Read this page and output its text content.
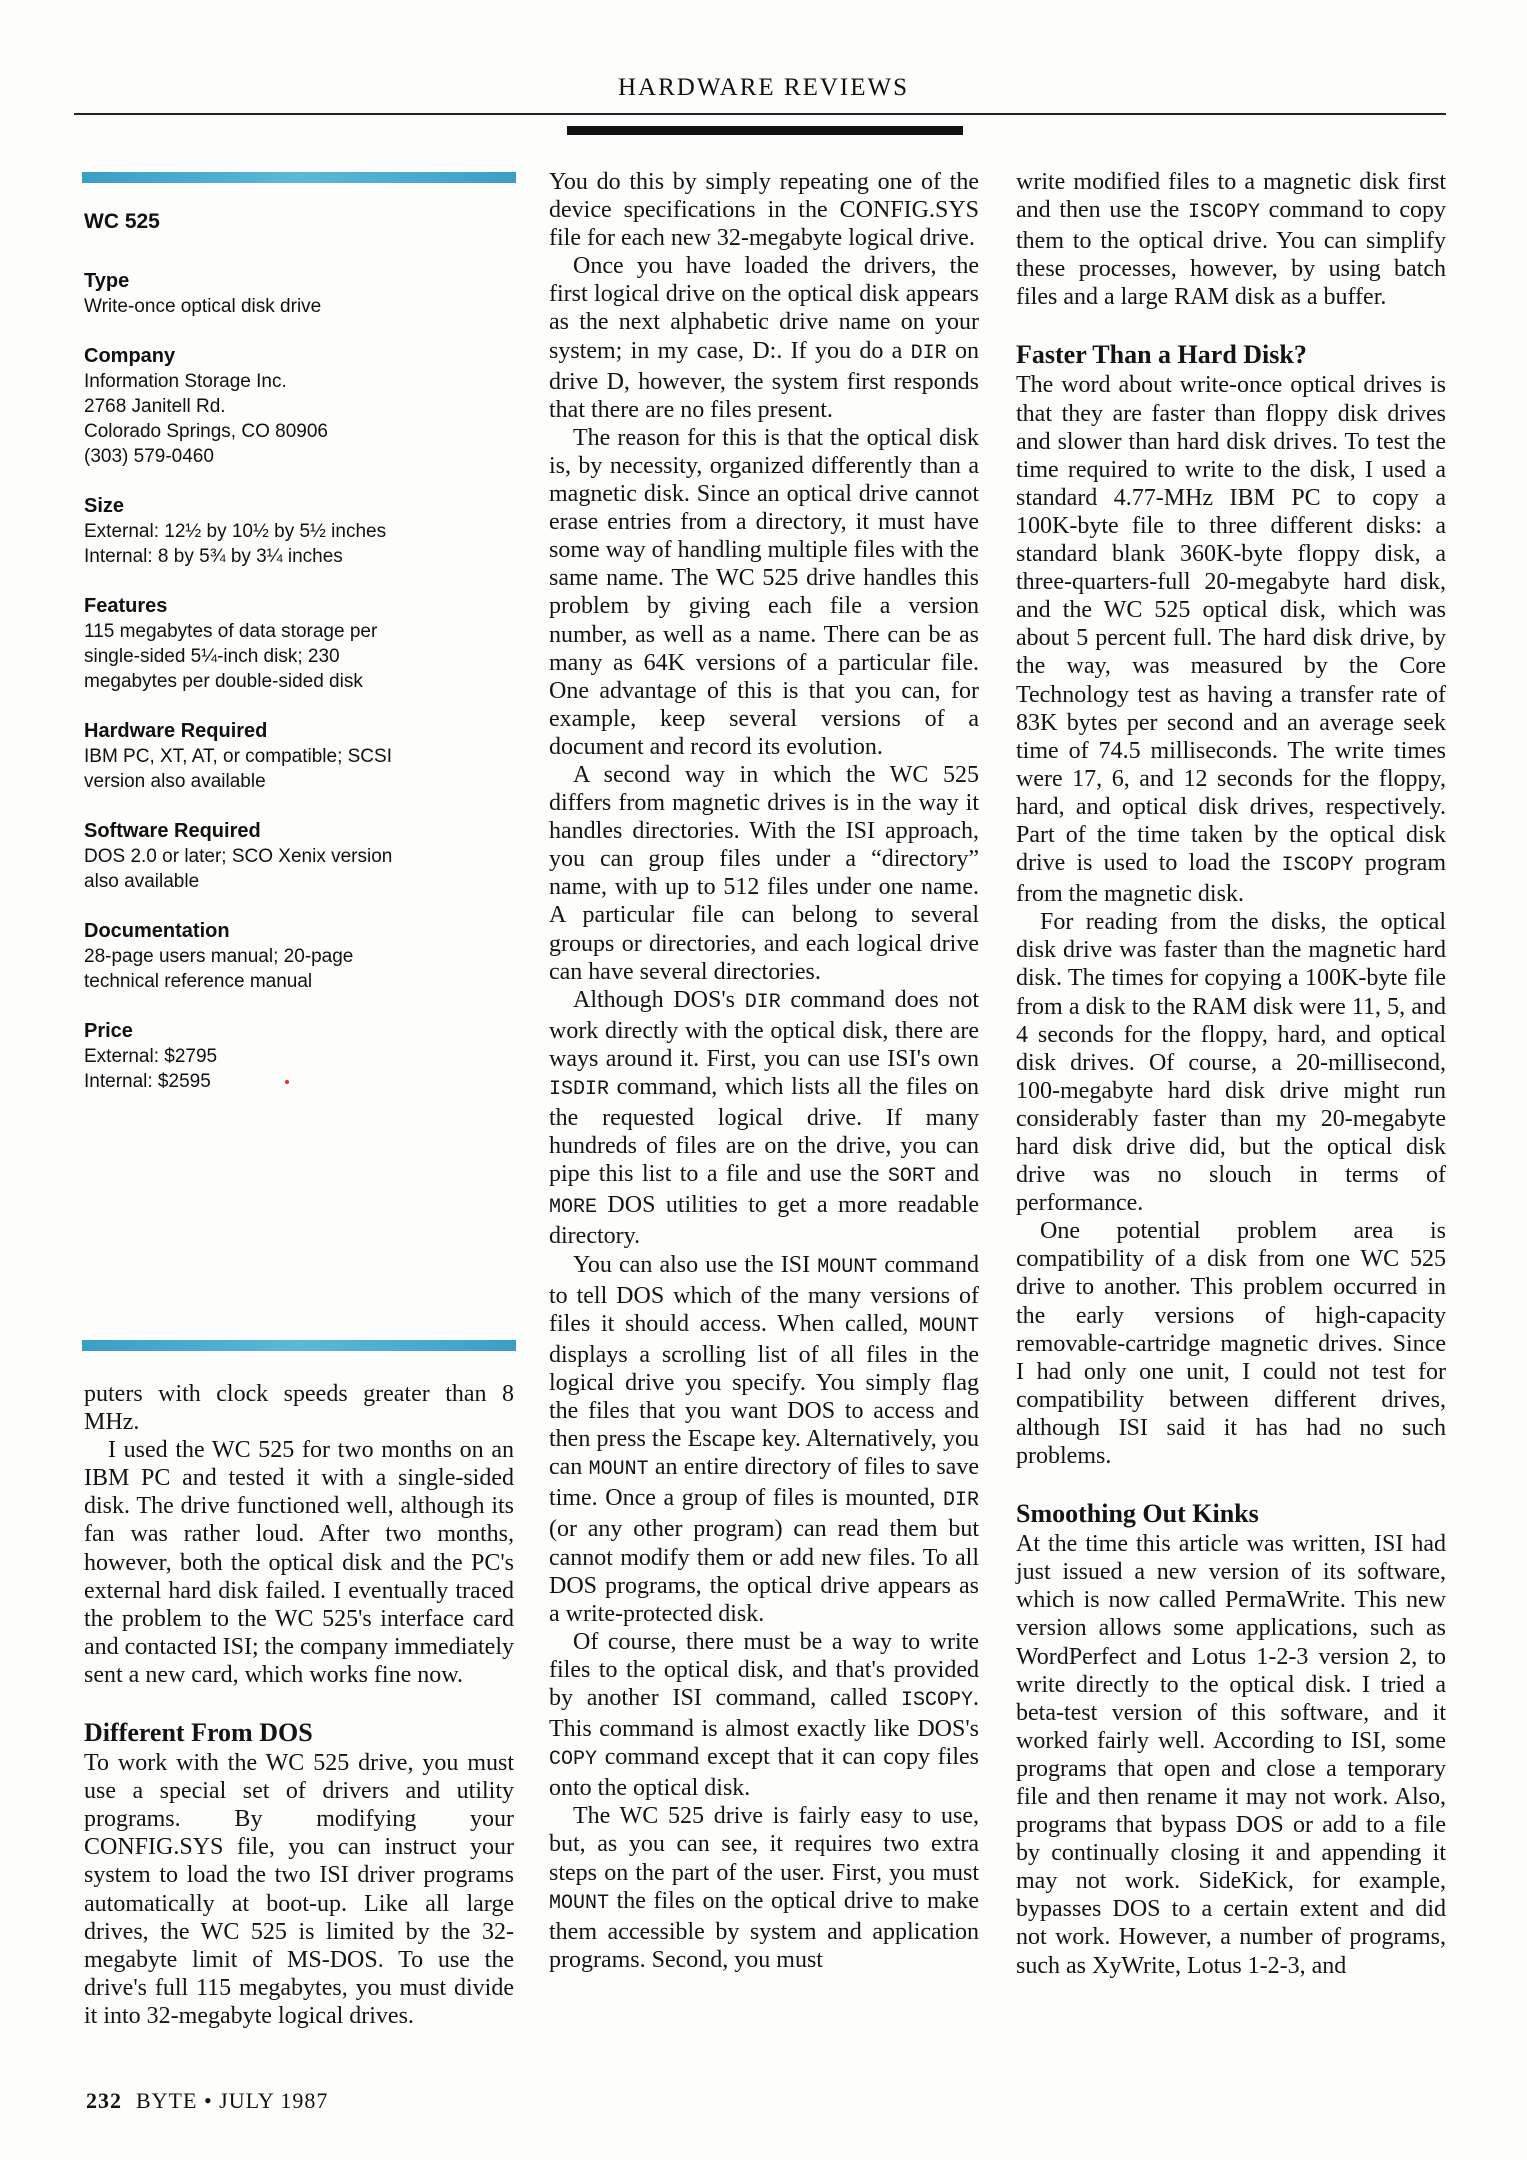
HARDWARE REVIEWS
WC 525
Type
Write-once optical disk drive
Company
Information Storage Inc.
2768 Janitell Rd.
Colorado Springs, CO 80906
(303) 579-0460
Size
External: 12½ by 10½ by 5½ inches
Internal: 8 by 5¾ by 3¼ inches
Features
115 megabytes of data storage per
single-sided 5¼-inch disk; 230
megabytes per double-sided disk
Hardware Required
IBM PC, XT, AT, or compatible; SCSI
version also available
Software Required
DOS 2.0 or later; SCO Xenix version
also available
Documentation
28-page users manual; 20-page
technical reference manual
Price
External: $2795
Internal: $2595

puters with clock speeds greater than 8 MHz.

I used the WC 525 for two months on an IBM PC and tested it with a single-sided disk. The drive functioned well, although its fan was rather loud. After two months, however, both the optical disk and the PC's external hard disk failed. I eventually traced the problem to the WC 525's interface card and contacted ISI; the company immediately sent a new card, which works fine now.

Different From DOS

To work with the WC 525 drive, you must use a special set of drivers and utility programs. By modifying your CONFIG.SYS file, you can instruct your system to load the two ISI driver programs automatically at boot-up. Like all large drives, the WC 525 is limited by the 32-megabyte limit of MS-DOS. To use the drive's full 115 megabytes, you must divide it into 32-megabyte logical drives.

You do this by simply repeating one of the device specifications in the CONFIG.SYS file for each new 32-megabyte logical drive.

Once you have loaded the drivers, the first logical drive on the optical disk appears as the next alphabetic drive name on your system; in my case, D:. If you do a DIR on drive D, however, the system first responds that there are no files present.

The reason for this is that the optical disk is, by necessity, organized differently than a magnetic disk. Since an optical drive cannot erase entries from a directory, it must have some way of handling multiple files with the same name. The WC 525 drive handles this problem by giving each file a version number, as well as a name. There can be as many as 64K versions of a particular file. One advantage of this is that you can, for example, keep several versions of a document and record its evolution.

A second way in which the WC 525 differs from magnetic drives is in the way it handles directories. With the ISI approach, you can group files under a “directory” name, with up to 512 files under one name. A particular file can belong to several groups or directories, and each logical drive can have several directories.

Although DOS's DIR command does not work directly with the optical disk, there are ways around it. First, you can use ISI's own ISDIR command, which lists all the files on the requested logical drive. If many hundreds of files are on the drive, you can pipe this list to a file and use the SORT and MORE DOS utilities to get a more readable directory.

You can also use the ISI MOUNT command to tell DOS which of the many versions of files it should access. When called, MOUNT displays a scrolling list of all files in the logical drive you specify. You simply flag the files that you want DOS to access and then press the Escape key. Alternatively, you can MOUNT an entire directory of files to save time. Once a group of files is mounted, DIR (or any other program) can read them but cannot modify them or add new files. To all DOS programs, the optical drive appears as a write-protected disk.

Of course, there must be a way to write files to the optical disk, and that's provided by another ISI command, called ISCOPY. This command is almost exactly like DOS's COPY command except that it can copy files onto the optical disk.

The WC 525 drive is fairly easy to use, but, as you can see, it requires two extra steps on the part of the user. First, you must MOUNT the files on the optical drive to make them accessible by system and application programs. Second, you must

write modified files to a magnetic disk first and then use the ISCOPY command to copy them to the optical drive. You can simplify these processes, however, by using batch files and a large RAM disk as a buffer.

Faster Than a Hard Disk?

The word about write-once optical drives is that they are faster than floppy disk drives and slower than hard disk drives. To test the time required to write to the disk, I used a standard 4.77-MHz IBM PC to copy a 100K-byte file to three different disks: a standard blank 360K-byte floppy disk, a three-quarters-full 20-megabyte hard disk, and the WC 525 optical disk, which was about 5 percent full. The hard disk drive, by the way, was measured by the Core Technology test as having a transfer rate of 83K bytes per second and an average seek time of 74.5 milliseconds. The write times were 17, 6, and 12 seconds for the floppy, hard, and optical disk drives, respectively. Part of the time taken by the optical disk drive is used to load the ISCOPY program from the magnetic disk.

For reading from the disks, the optical disk drive was faster than the magnetic hard disk. The times for copying a 100K-byte file from a disk to the RAM disk were 11, 5, and 4 seconds for the floppy, hard, and optical disk drives. Of course, a 20-millisecond, 100-megabyte hard disk drive might run considerably faster than my 20-megabyte hard disk drive did, but the optical disk drive was no slouch in terms of performance.

One potential problem area is compatibility of a disk from one WC 525 drive to another. This problem occurred in the early versions of high-capacity removable-cartridge magnetic drives. Since I had only one unit, I could not test for compatibility between different drives, although ISI said it has had no such problems.

Smoothing Out Kinks

At the time this article was written, ISI had just issued a new version of its software, which is now called PermaWrite. This new version allows some applications, such as WordPerfect and Lotus 1-2-3 version 2, to write directly to the optical disk. I tried a beta-test version of this software, and it worked fairly well. According to ISI, some programs that open and close a temporary file and then rename it may not work. Also, programs that bypass DOS or add to a file by continually closing it and appending it may not work. SideKick, for example, bypasses DOS to a certain extent and did not work. However, a number of programs, such as XyWrite, Lotus 1-2-3, and

232 BYTE • JULY 1987
